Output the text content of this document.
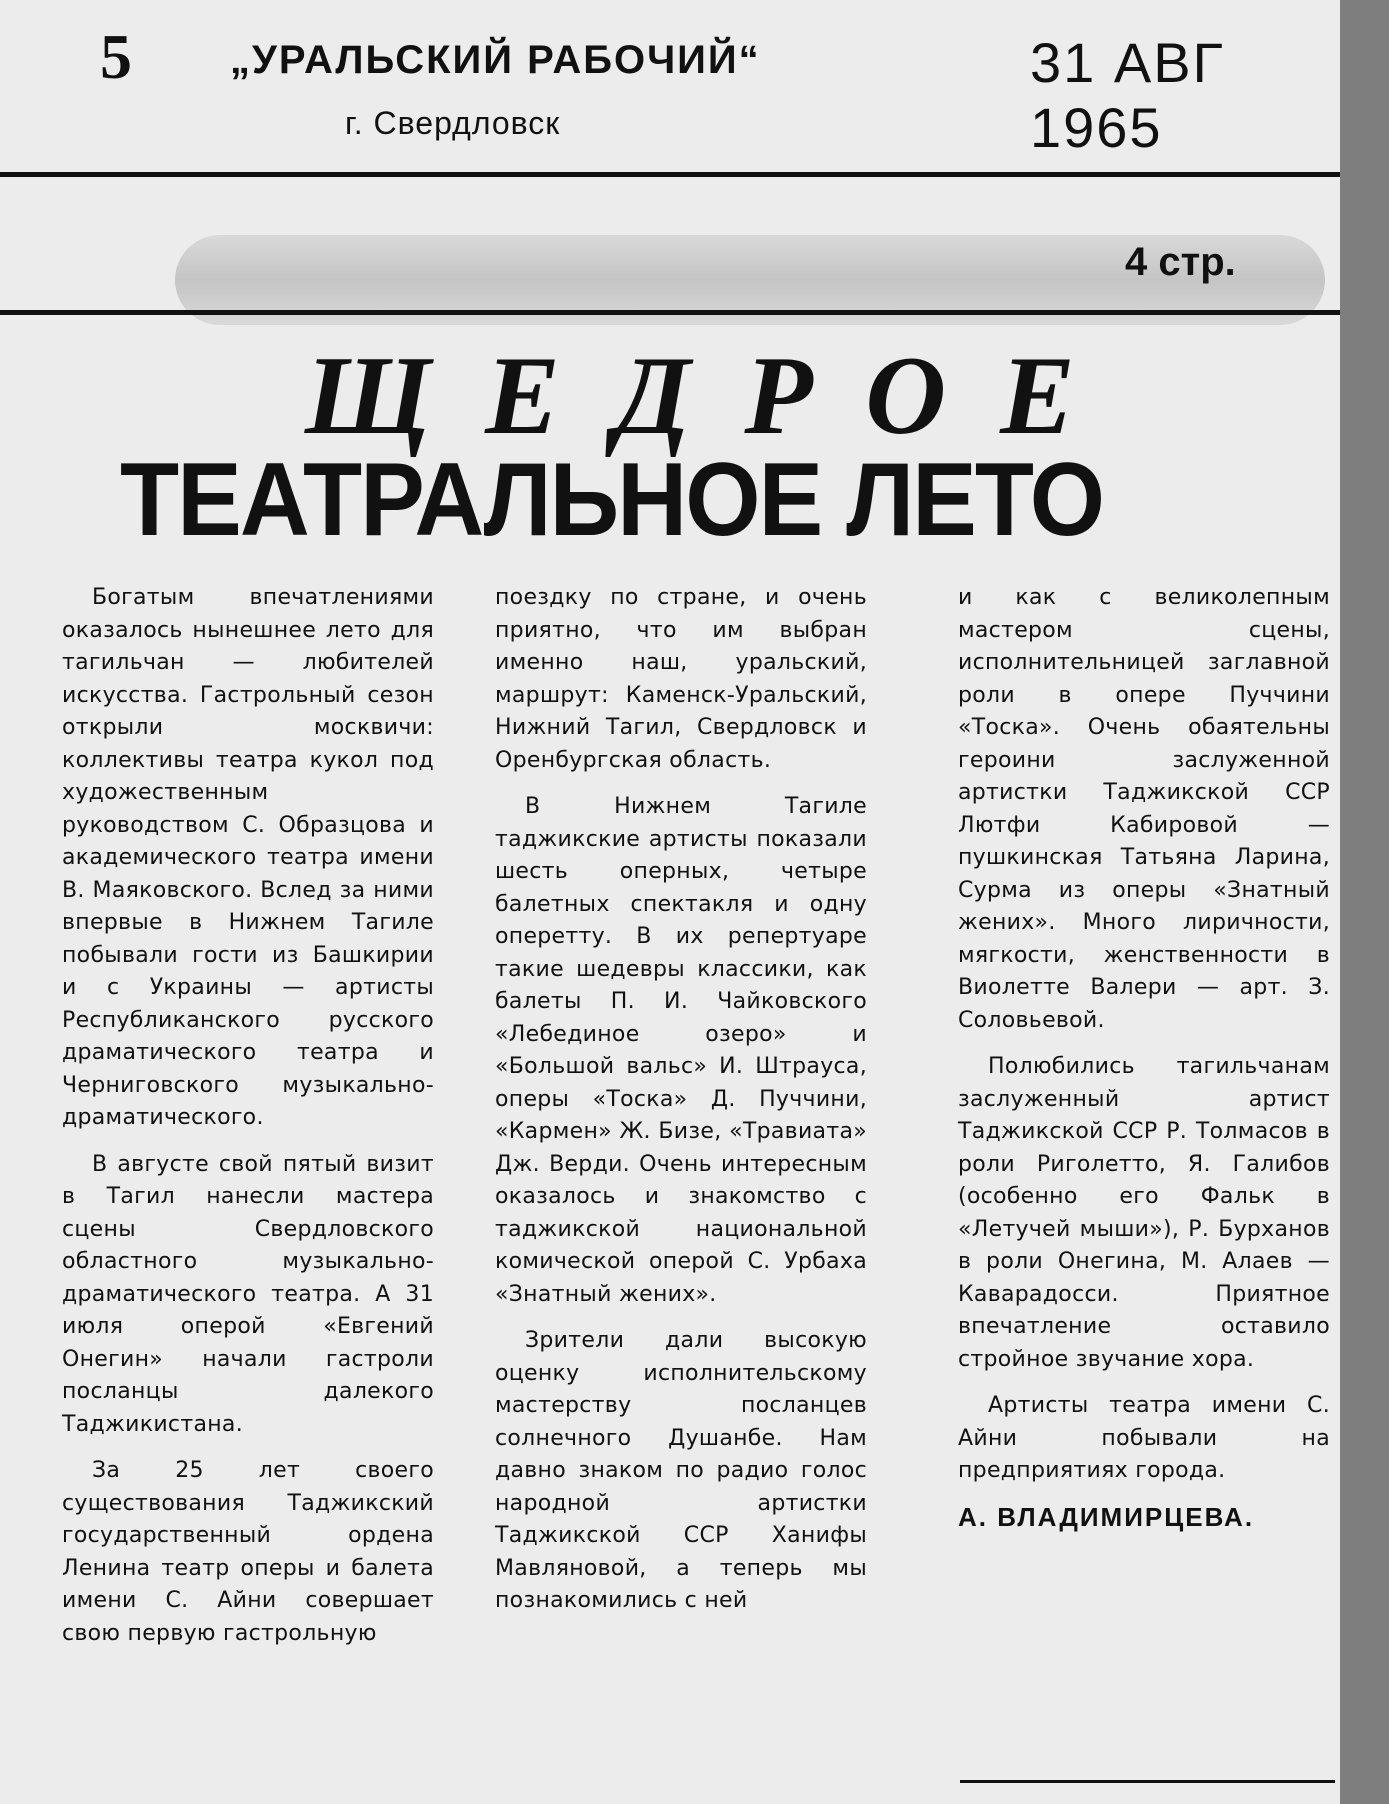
5 „УРАЛЬСКИЙ РАБОЧИЙ“
г. Свердловск
31 АВГ 1965
4 стр.
ЩЕДРОЕ
ТЕАТРАЛЬНОЕ ЛЕТО

Богатым впечатлениями оказалось нынешнее лето для тагильчан — любителей искусства. Гастрольный сезон открыли москвичи: коллективы театра кукол под художественным руководством С. Образцова и академического театра имени В. Маяковского. Вслед за ними впервые в Нижнем Тагиле побывали гости из Башкирии и с Украины — артисты Республиканского русского драматического театра и Черниговского музыкально-драматического.

В августе свой пятый визит в Тагил нанесли мастера сцены Свердловского областного музыкально-драматического театра. А 31 июля оперой «Евгений Онегин» начали гастроли посланцы далекого Таджикистана.

За 25 лет своего существования Таджикский государственный ордена Ленина театр оперы и балета имени С. Айни совершает свою первую гастрольную

поездку по стране, и очень приятно, что им выбран именно наш, уральский, маршрут: Каменск-Уральский, Нижний Тагил, Свердловск и Оренбургская область.

В Нижнем Тагиле таджикские артисты показали шесть оперных, четыре балетных спектакля и одну оперетту. В их репертуаре такие шедевры классики, как балеты П. И. Чайковского «Лебединое озеро» и «Большой вальс» И. Штрауса, оперы «Тоска» Д. Пуччини, «Кармен» Ж. Бизе, «Травиата» Дж. Верди. Очень интересным оказалось и знакомство с таджикской национальной комической оперой С. Урбаха «Знатный жених».

Зрители дали высокую оценку исполнительскому мастерству посланцев солнечного Душанбе. Нам давно знаком по радио голос народной артистки Таджикской ССР Ханифы Мавляновой, а теперь мы познакомились с ней

и как с великолепным мастером сцены, исполнительницей заглавной роли в опере Пуччини «Тоска». Очень обаятельны героини заслуженной артистки Таджикской ССР Лютфи Кабировой — пушкинская Татьяна Ларина, Сурма из оперы «Знатный жених». Много лиричности, мягкости, женственности в Виолетте Валери — арт. З. Соловьевой.

Полюбились тагильчанам заслуженный артист Таджикской ССР Р. Толмасов в роли Риголетто, Я. Галибов (особенно его Фальк в «Летучей мыши»), Р. Бурханов в роли Онегина, М. Алаев — Каварадосси. Приятное впечатление оставило стройное звучание хора.

Артисты театра имени С. Айни побывали на предприятиях города.

А. ВЛАДИМИРЦЕВА.
